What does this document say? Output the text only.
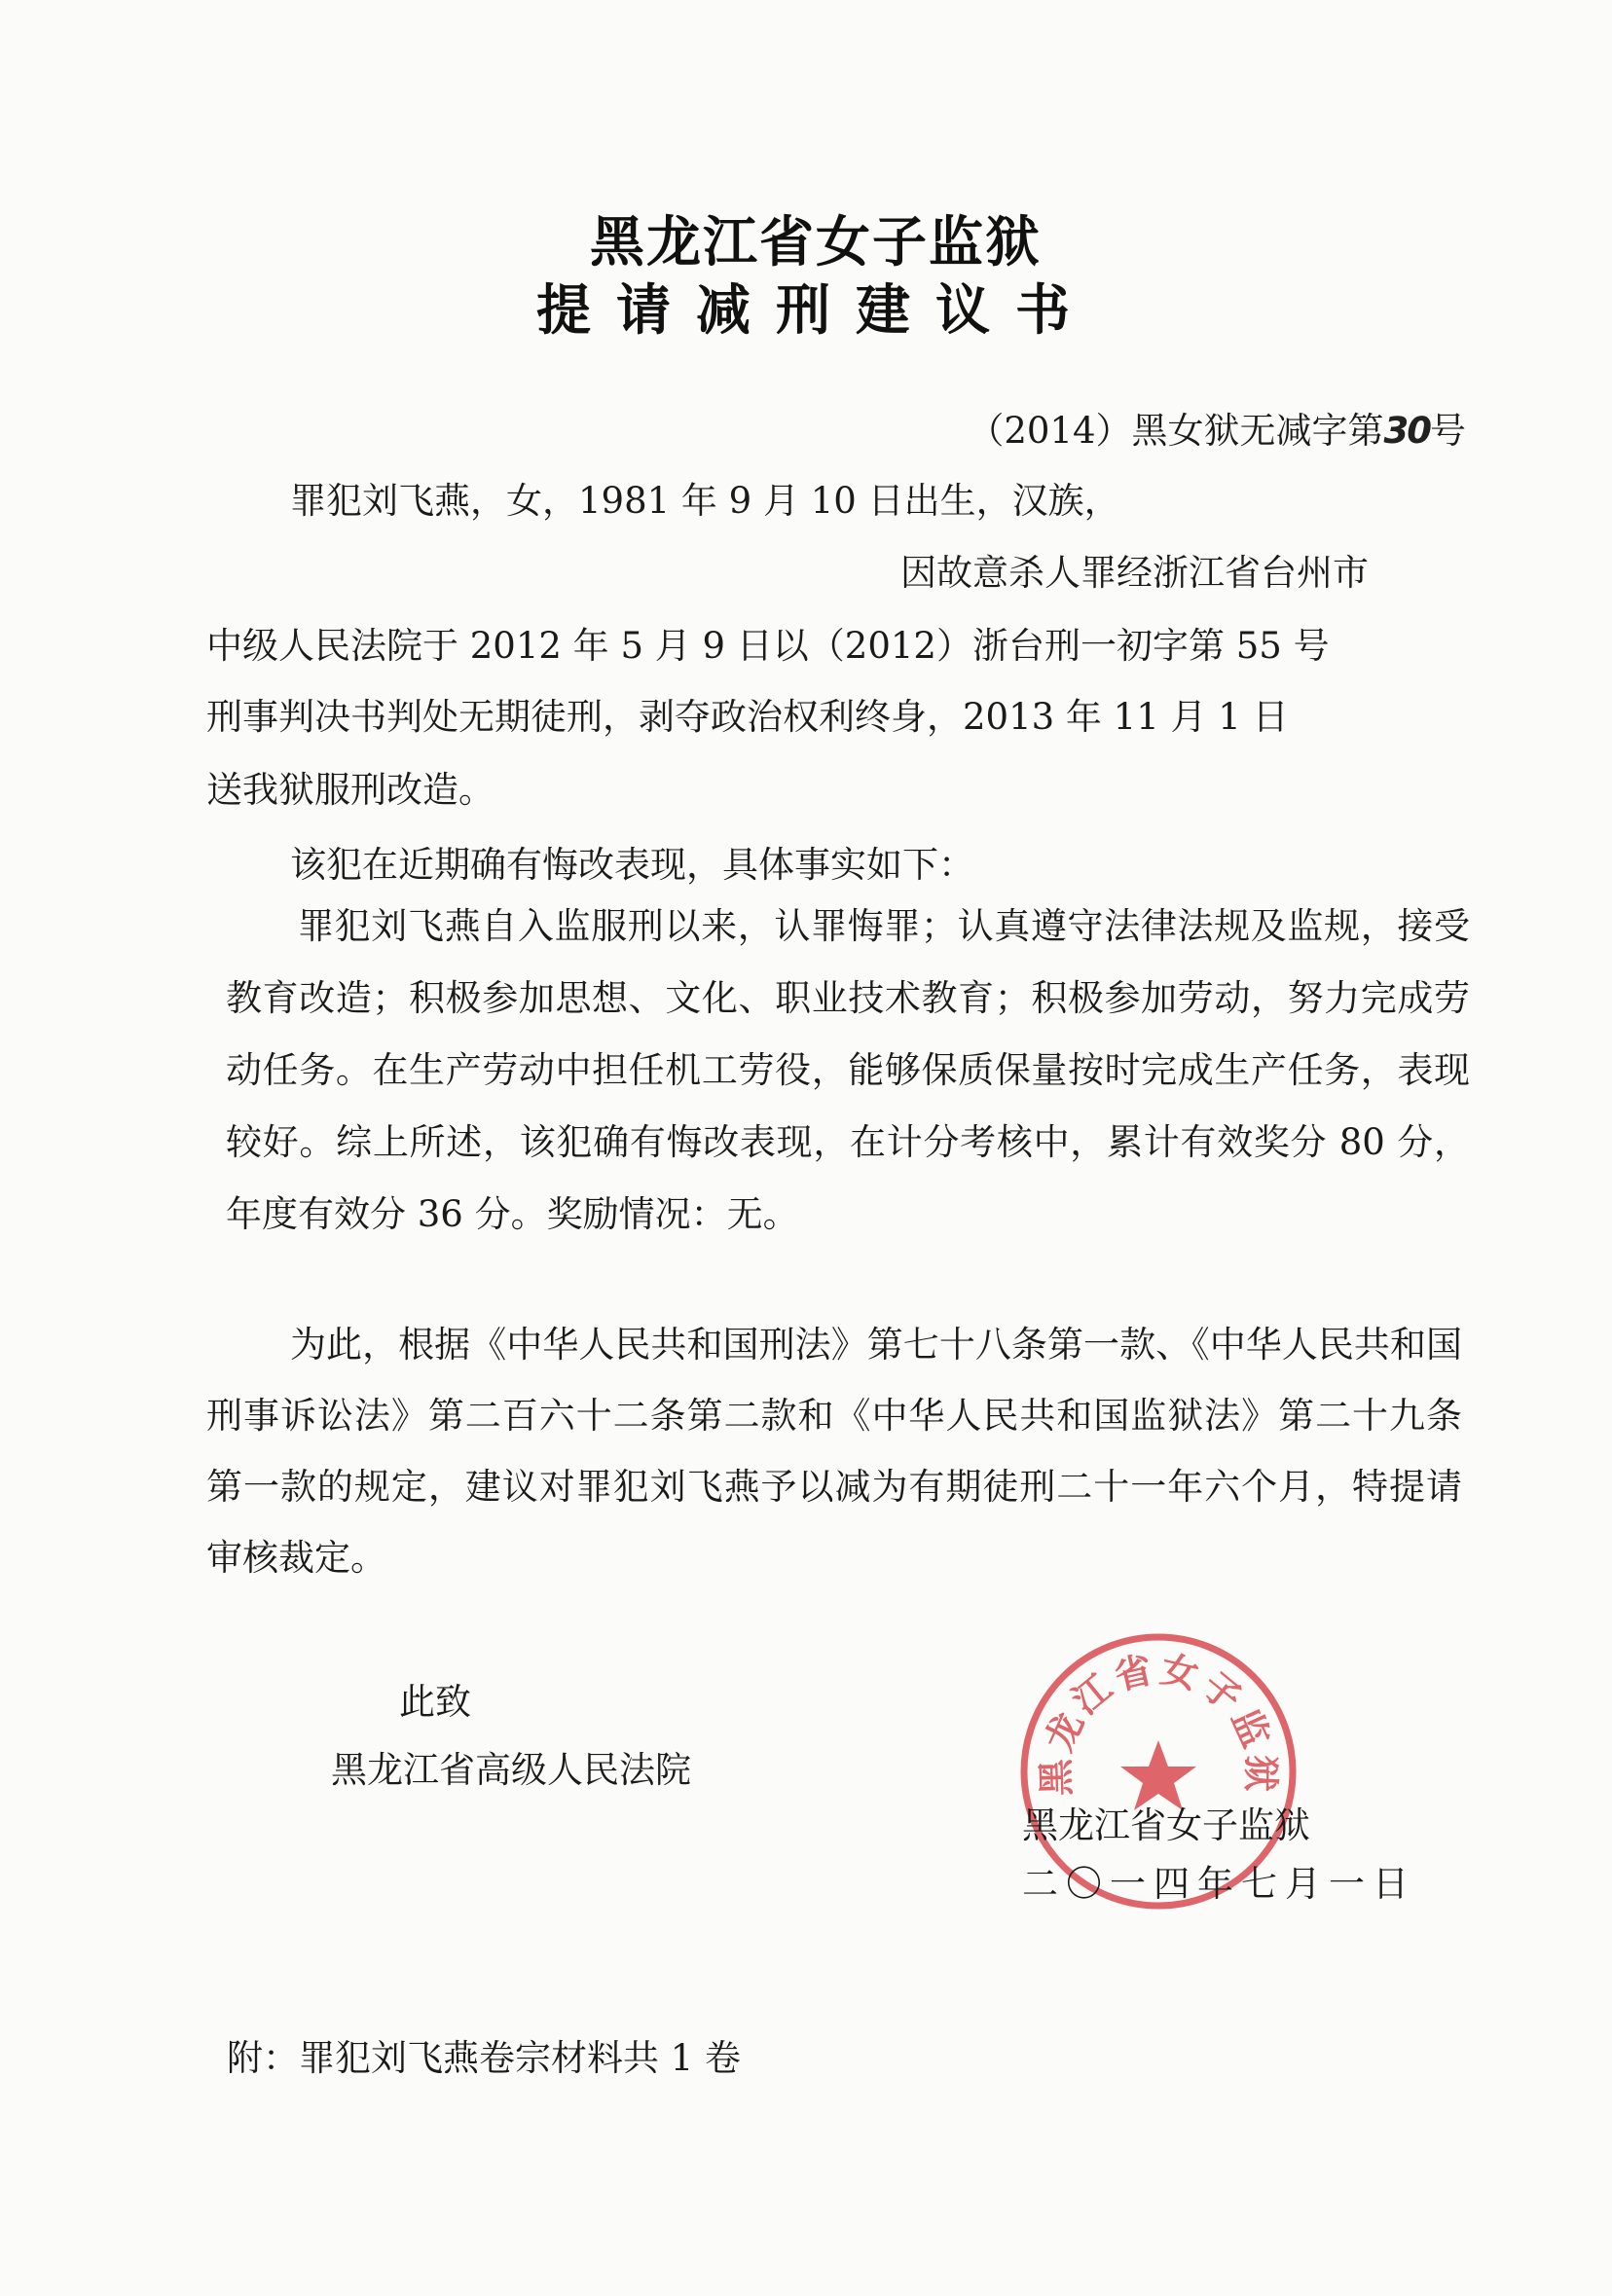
黑龙江省女子监狱
提请减刑建议书
（2014）黑女狱无减字第30号

罪犯刘飞燕，女，1981 年 9 月 10 日出生，汉族，

因故意杀人罪经浙江省台州市

中级人民法院于 2012 年 5 月 9 日以（2012）浙台刑一初字第 55 号

刑事判决书判处无期徒刑，剥夺政治权利终身，2013 年 11 月 1 日

送我狱服刑改造。

该犯在近期确有悔改表现，具体事实如下：

罪犯刘飞燕自入监服刑以来，认罪悔罪；认真遵守法律法规及监规，接受教育改造；积极参加思想、文化、职业技术教育；积极参加劳动，努力完成劳动任务。在生产劳动中担任机工劳役，能够保质保量按时完成生产任务，表现较好。综上所述，该犯确有悔改表现，在计分考核中，累计有效奖分 80 分，年度有效分 36 分。奖励情况：无。

为此，根据《中华人民共和国刑法》第七十八条第一款、《中华人民共和国刑事诉讼法》第二百六十二条第二款和《中华人民共和国监狱法》第二十九条第一款的规定，建议对罪犯刘飞燕予以减为有期徒刑二十一年六个月，特提请审核裁定。

此致

黑龙江省高级人民法院	黑龙江省女子监狱

黑龙江省女子监狱

二〇一四年七月一日

附：罪犯刘飞燕卷宗材料共 1 卷
